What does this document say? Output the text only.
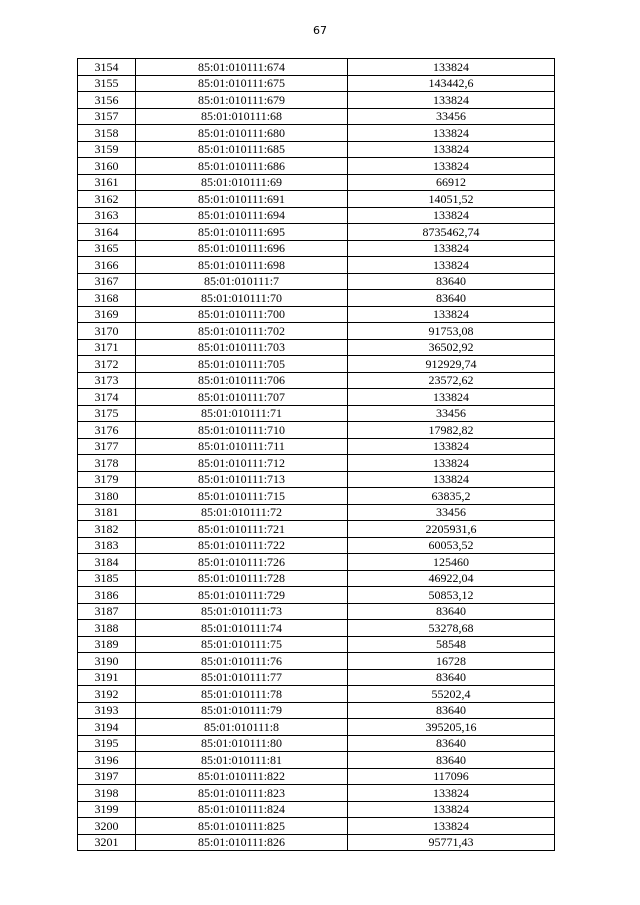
67
3154	85:01:010111:674	133824
3155	85:01:010111:675	143442,6
3156	85:01:010111:679	133824
3157	85:01:010111:68	33456
3158	85:01:010111:680	133824
3159	85:01:010111:685	133824
3160	85:01:010111:686	133824
3161	85:01:010111:69	66912
3162	85:01:010111:691	14051,52
3163	85:01:010111:694	133824
3164	85:01:010111:695	8735462,74
3165	85:01:010111:696	133824
3166	85:01:010111:698	133824
3167	85:01:010111:7	83640
3168	85:01:010111:70	83640
3169	85:01:010111:700	133824
3170	85:01:010111:702	91753,08
3171	85:01:010111:703	36502,92
3172	85:01:010111:705	912929,74
3173	85:01:010111:706	23572,62
3174	85:01:010111:707	133824
3175	85:01:010111:71	33456
3176	85:01:010111:710	17982,82
3177	85:01:010111:711	133824
3178	85:01:010111:712	133824
3179	85:01:010111:713	133824
3180	85:01:010111:715	63835,2
3181	85:01:010111:72	33456
3182	85:01:010111:721	2205931,6
3183	85:01:010111:722	60053,52
3184	85:01:010111:726	125460
3185	85:01:010111:728	46922,04
3186	85:01:010111:729	50853,12
3187	85:01:010111:73	83640
3188	85:01:010111:74	53278,68
3189	85:01:010111:75	58548
3190	85:01:010111:76	16728
3191	85:01:010111:77	83640
3192	85:01:010111:78	55202,4
3193	85:01:010111:79	83640
3194	85:01:010111:8	395205,16
3195	85:01:010111:80	83640
3196	85:01:010111:81	83640
3197	85:01:010111:822	117096
3198	85:01:010111:823	133824
3199	85:01:010111:824	133824
3200	85:01:010111:825	133824
3201	85:01:010111:826	95771,43
